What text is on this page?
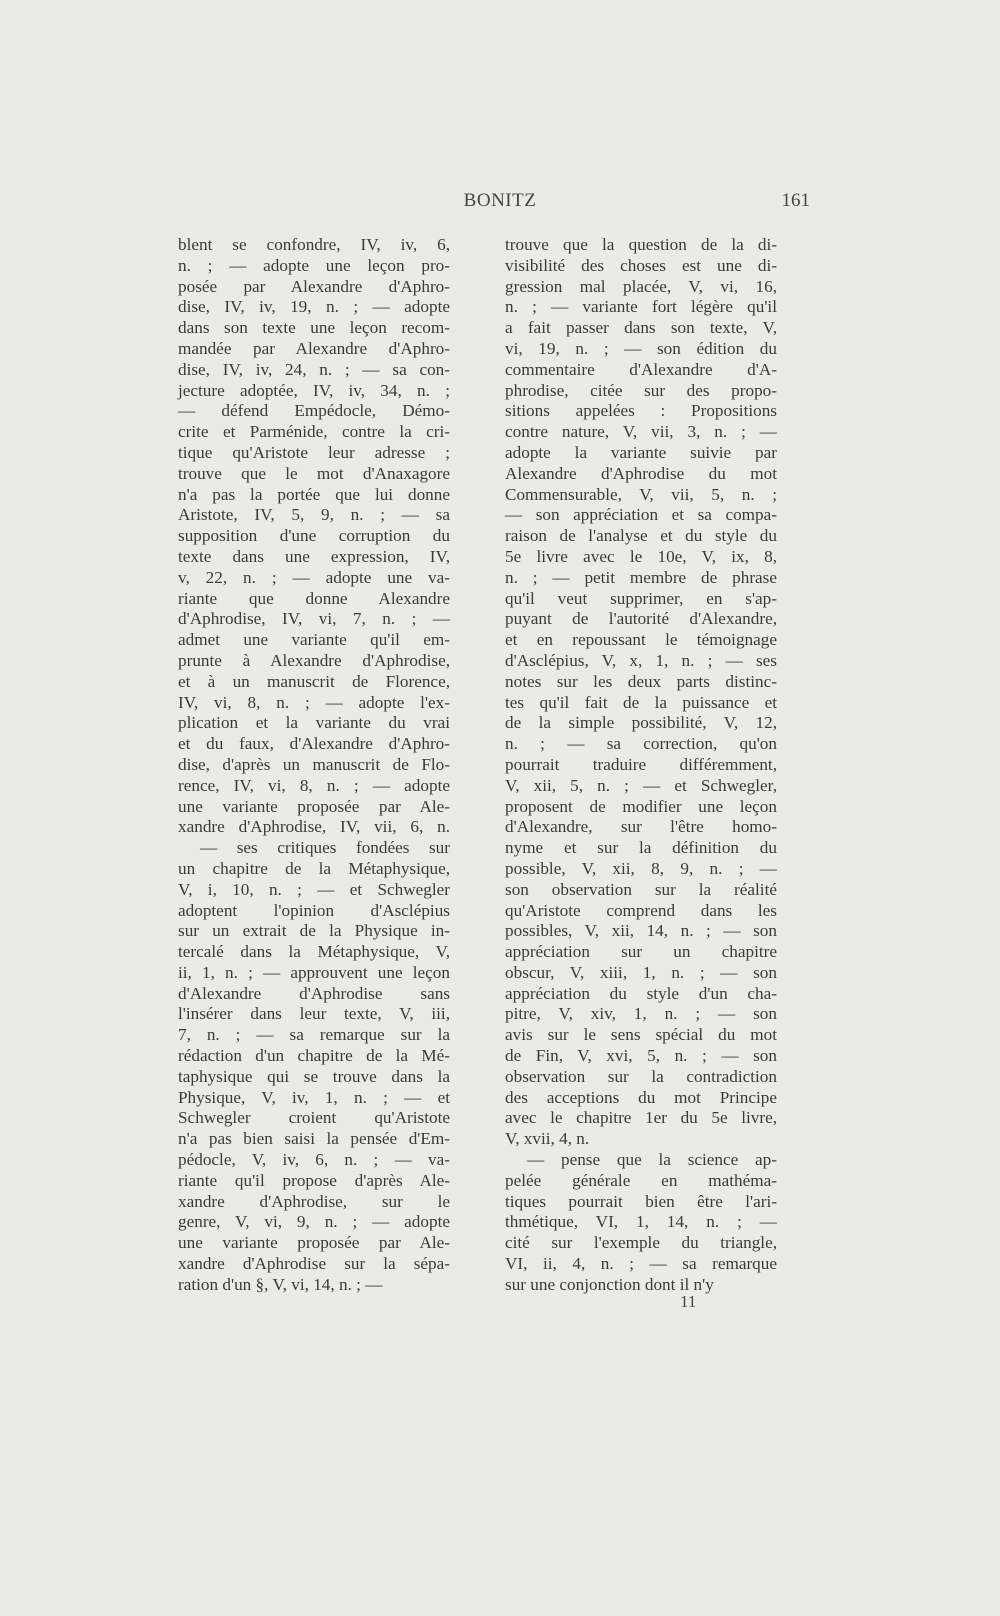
BONITZ	161
blent se confondre, IV, iv, 6,
n. ; — adopte une leçon pro-
posée par Alexandre d'Aphro-
dise, IV, iv, 19, n. ; — adopte
dans son texte une leçon recom-
mandée par Alexandre d'Aphro-
dise, IV, iv, 24, n. ; — sa con-
jecture adoptée, IV, iv, 34, n. ;
— défend Empédocle, Démo-
crite et Parménide, contre la cri-
tique qu'Aristote leur adresse ;
trouve que le mot d'Anaxagore
n'a pas la portée que lui donne
Aristote, IV, 5, 9, n. ; — sa
supposition d'une corruption du
texte dans une expression, IV,
v, 22, n. ; — adopte une va-
riante que donne Alexandre
d'Aphrodise, IV, vi, 7, n. ; —
admet une variante qu'il em-
prunte à Alexandre d'Aphrodise,
et à un manuscrit de Florence,
IV, vi, 8, n. ; — adopte l'ex-
plication et la variante du vrai
et du faux, d'Alexandre d'Aphro-
dise, d'après un manuscrit de Flo-
rence, IV, vi, 8, n. ; — adopte
une variante proposée par Ale-
xandre d'Aphrodise, IV, vii, 6, n.
— ses critiques fondées sur
un chapitre de la Métaphysique,
V, i, 10, n. ; — et Schwegler
adoptent l'opinion d'Asclépius
sur un extrait de la Physique in-
tercalé dans la Métaphysique, V,
ii, 1, n. ; — approuvent une leçon
d'Alexandre d'Aphrodise sans
l'insérer dans leur texte, V, iii,
7, n. ; — sa remarque sur la
rédaction d'un chapitre de la Mé-
taphysique qui se trouve dans la
Physique, V, iv, 1, n. ; — et
Schwegler croient qu'Aristote
n'a pas bien saisi la pensée d'Em-
pédocle, V, iv, 6, n. ; — va-
riante qu'il propose d'après Ale-
xandre d'Aphrodise, sur le
genre, V, vi, 9, n. ; — adopte
une variante proposée par Ale-
xandre d'Aphrodise sur la sépa-
ration d'un §, V, vi, 14, n. ; —
trouve que la question de la di-
visibilité des choses est une di-
gression mal placée, V, vi, 16,
n. ; — variante fort légère qu'il
a fait passer dans son texte, V,
vi, 19, n. ; — son édition du
commentaire d'Alexandre d'A-
phrodise, citée sur des propo-
sitions appelées : Propositions
contre nature, V, vii, 3, n. ; —
adopte la variante suivie par
Alexandre d'Aphrodise du mot
Commensurable, V, vii, 5, n. ;
— son appréciation et sa compa-
raison de l'analyse et du style du
5e livre avec le 10e, V, ix, 8,
n. ; — petit membre de phrase
qu'il veut supprimer, en s'ap-
puyant de l'autorité d'Alexandre,
et en repoussant le témoignage
d'Asclépius, V, x, 1, n. ; — ses
notes sur les deux parts distinc-
tes qu'il fait de la puissance et
de la simple possibilité, V, 12,
n. ; — sa correction, qu'on
pourrait traduire différemment,
V, xii, 5, n. ; — et Schwegler,
proposent de modifier une leçon
d'Alexandre, sur l'être homo-
nyme et sur la définition du
possible, V, xii, 8, 9, n. ; —
son observation sur la réalité
qu'Aristote comprend dans les
possibles, V, xii, 14, n. ; — son
appréciation sur un chapitre
obscur, V, xiii, 1, n. ; — son
appréciation du style d'un cha-
pitre, V, xiv, 1, n. ; — son
avis sur le sens spécial du mot
de Fin, V, xvi, 5, n. ; — son
observation sur la contradiction
des acceptions du mot Principe
avec le chapitre 1er du 5e livre,
V, xvii, 4, n.
— pense que la science ap-
pelée générale en mathéma-
tiques pourrait bien être l'ari-
thmétique, VI, 1, 14, n. ; —
cité sur l'exemple du triangle,
VI, ii, 4, n. ; — sa remarque
sur une conjonction dont il n'y
11
